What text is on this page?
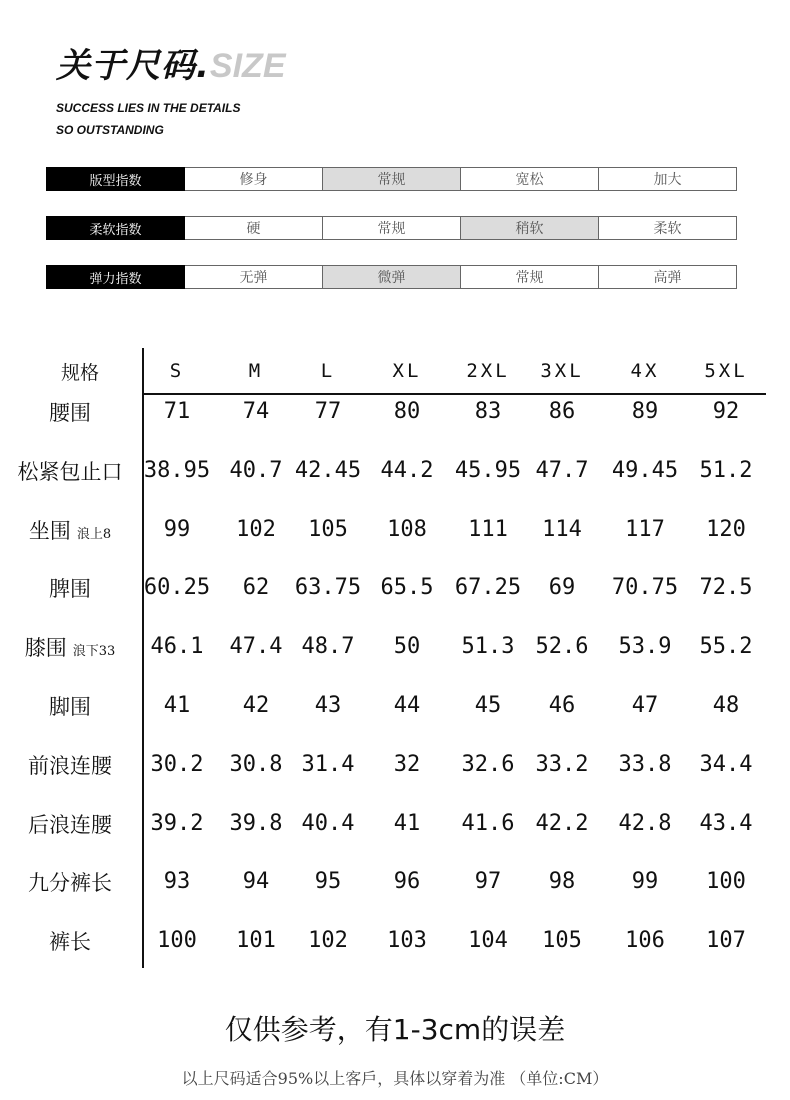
关于尺码.SIZE
SUCCESS LIES IN THE DETAILS
SO OUTSTANDING
版型指数	修身	常规	宽松	加大
柔软指数	硬	常规	稍软	柔软
弹力指数	无弹	微弹	常规	高弹
规格	S	M	L	XL	2XL	3XL	4X	5XL
腰围	71	74	77	80	83	86	89	92
松紧包止口 38.95 40.7 42.45 44.2 45.95 47.7	49.45 51.2
坐围 浪上8	99	102	105	108	111	114	117	120
脾围	60.25	62	63.75 65.5 67.25	69	70.75 72.5
膝围 浪下33	46.1	47.4 48.7	50	51.3 52.6	53.9	55.2
脚围	41	42	43	44	45	46	47	48
前浪连腰	30.2	30.8 31.4	32	32.6 33.2	33.8	34.4
后浪连腰	39.2	39.8 40.4	41	41.6 42.2	42.8	43.4
九分裤长	93	94	95	96	97	98	99	100
裤长	100	101	102	103	104	105	106	107
仅供参考，有1-3cm的误差
以上尺码适合95%以上客戶，具体以穿着为准 （单位:CM）
